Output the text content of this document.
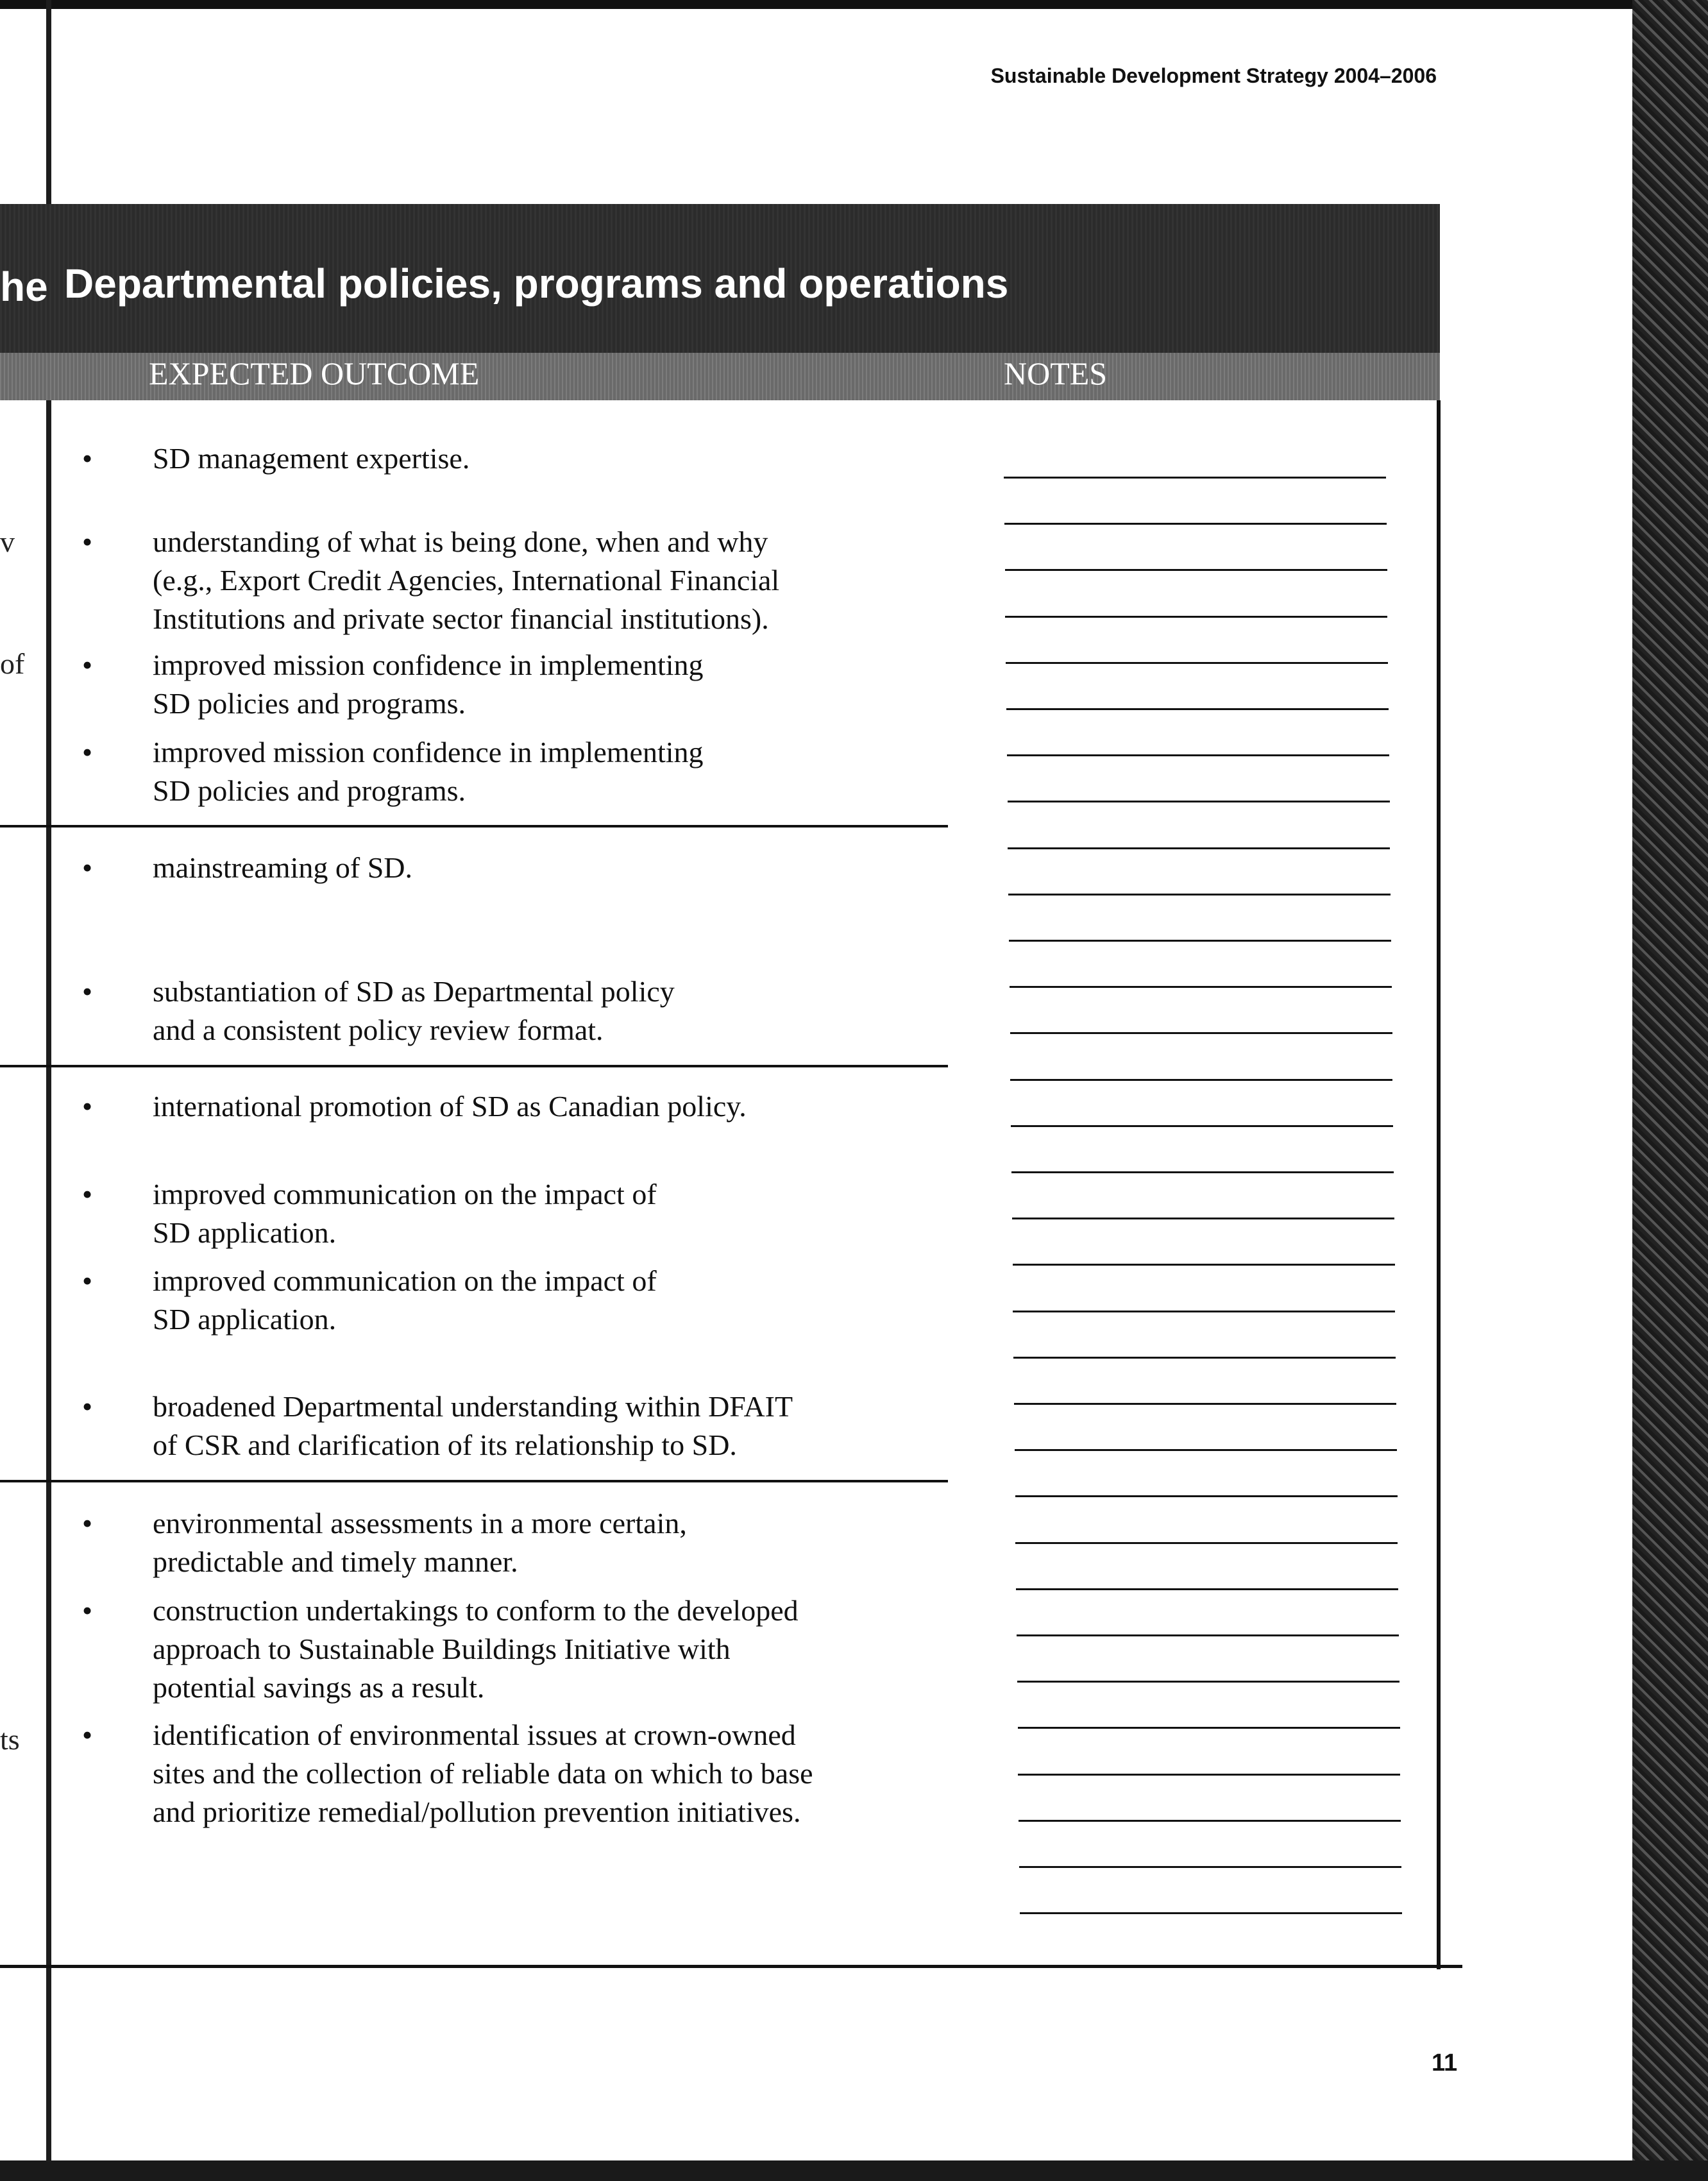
Sustainable Development Strategy 2004–2006
he Departmental policies, programs and operations
EXPECTED OUTCOME	NOTES
v
of
ts
•	SD management expertise.
•	understanding of what is being done, when and why
(e.g., Export Credit Agencies, International Financial
Institutions and private sector financial institutions).
•	improved mission confidence in implementing
SD policies and programs.
•	improved mission confidence in implementing
SD policies and programs.
•	mainstreaming of SD.
•	substantiation of SD as Departmental policy
and a consistent policy review format.
•	international promotion of SD as Canadian policy.
•	improved communication on the impact of
SD application.
•	improved communication on the impact of
SD application.
•	broadened Departmental understanding within DFAIT
of CSR and clarification of its relationship to SD.
•	environmental assessments in a more certain,
predictable and timely manner.
•	construction undertakings to conform to the developed
approach to Sustainable Buildings Initiative with
potential savings as a result.
•	identification of environmental issues at crown-owned
sites and the collection of reliable data on which to base
and prioritize remedial/pollution prevention initiatives.
11
